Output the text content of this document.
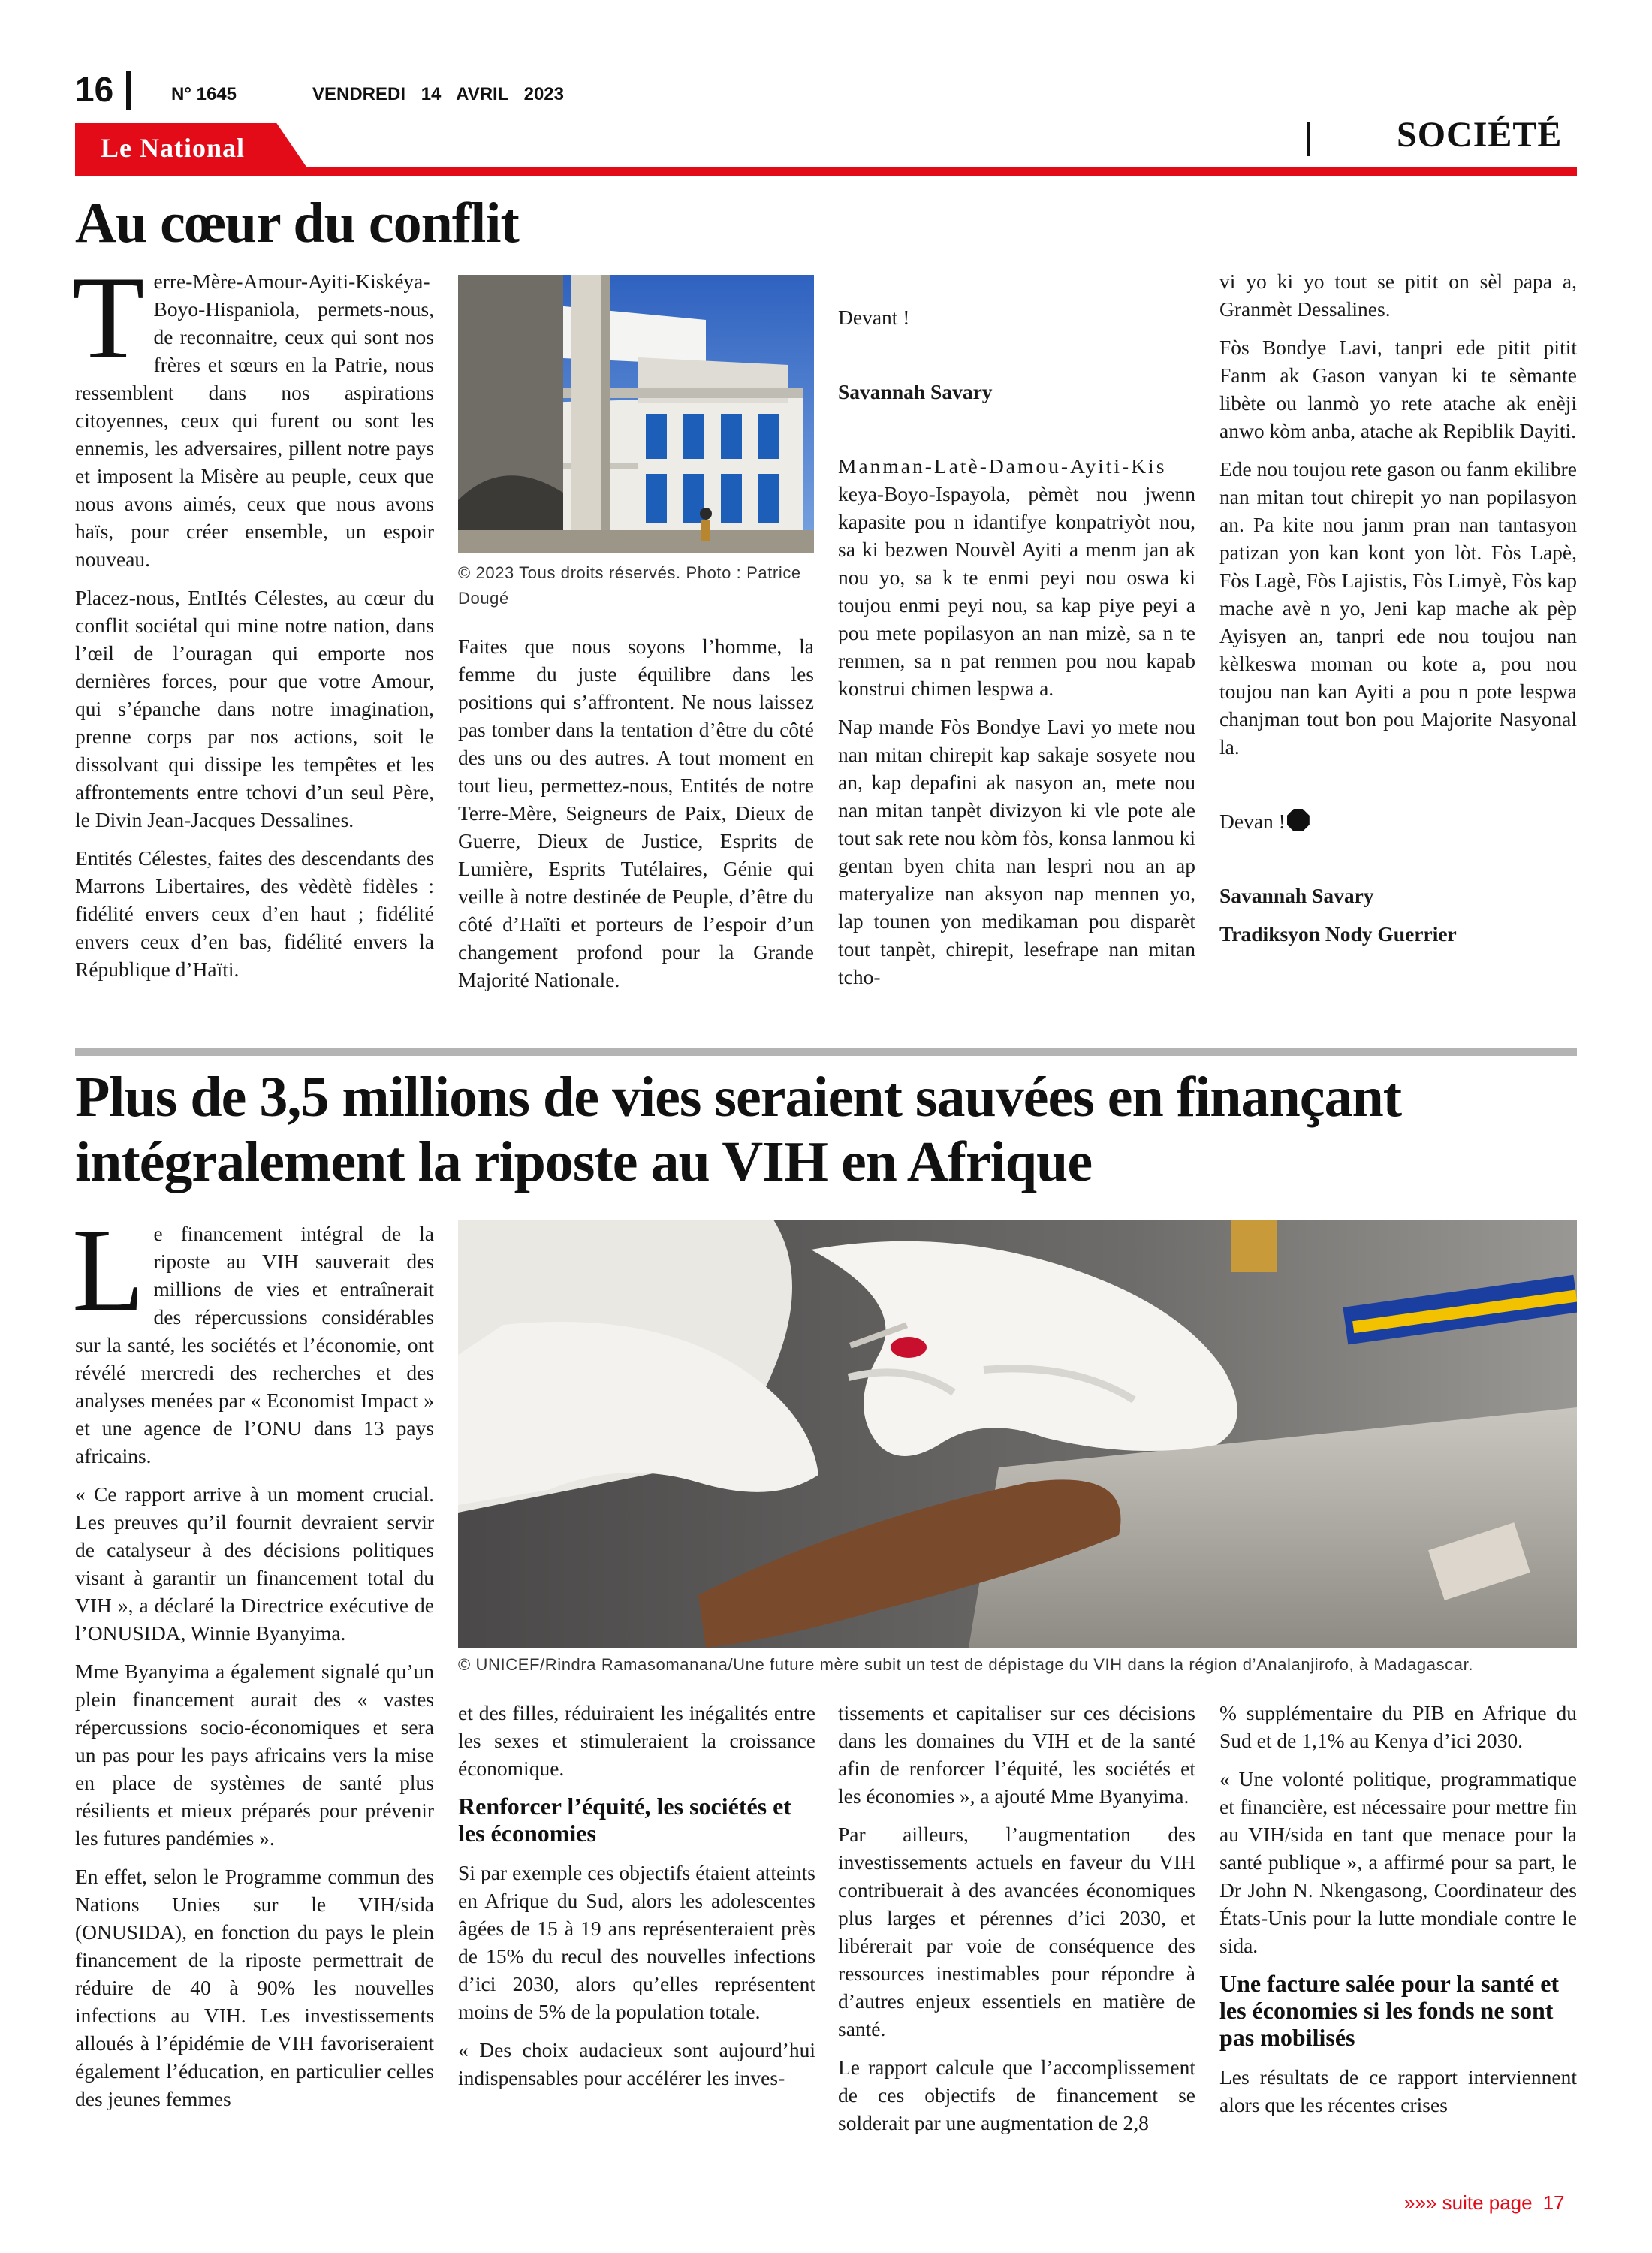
16	N° 1645	VENDREDI 14 AVRIL 2023
Le National	SOCIÉTÉ
Au cœur du conflit

Terre-Mère-Amour-Ayiti-Kiskéya-Boyo-Hispaniola, permets-nous, de reconnaitre, ceux qui sont nos frères et sœurs en la Patrie, nous ressemblent dans nos aspirations citoyennes, ceux qui furent ou sont les ennemis, les adversaires, pillent notre pays et imposent la Misère au peuple, ceux que nous avons aimés, ceux que nous avons haïs, pour créer ensemble, un espoir nouveau.

Placez-nous, EntItés Célestes, au cœur du conflit sociétal qui mine notre nation, dans l’œil de l’ouragan qui emporte nos dernières forces, pour que votre Amour, qui s’épanche dans notre imagination, prenne corps par nos actions, soit le dissolvant qui dissipe les tempêtes et les affrontements entre tchovi d’un seul Père, le Divin Jean-Jacques Dessalines.

Entités Célestes, faites des descendants des Marrons Libertaires, des vèdètè fidèles : fidélité envers ceux d’en haut ; fidélité envers ceux d’en bas, fidélité envers la République d’Haïti.

© 2023 Tous droits réservés. Photo : Patrice Dougé

Faites que nous soyons l’homme, la femme du juste équilibre dans les positions qui s’affrontent. Ne nous laissez pas tomber dans la tentation d’être du côté des uns ou des autres. A tout moment en tout lieu, permettez-nous, Entités de notre Terre-Mère, Seigneurs de Paix, Dieux de Guerre, Dieux de Justice, Esprits de Lumière, Esprits Tutélaires, Génie qui veille à notre destinée de Peuple, d’être du côté d’Haïti et porteurs de l’espoir d’un changement profond pour la Grande Majorité Nationale.

Devant !

Savannah Savary

Manman-Latè-Damou-Ayiti-Kis

keya-Boyo-Ispayola, pèmèt nou jwenn kapasite pou n idantifye konpatriyòt nou, sa ki bezwen Nouvèl Ayiti a menm jan ak nou yo, sa k te enmi peyi nou oswa ki toujou enmi peyi nou, sa kap piye peyi a pou mete popilasyon an nan mizè, sa n te renmen, sa n pat renmen pou nou kapab konstrui chimen lespwa a.

Nap mande Fòs Bondye Lavi yo mete nou nan mitan chirepit kap sakaje sosyete nou an, kap depafini ak nasyon an, mete nou nan mitan tanpèt divizyon ki vle pote ale tout sak rete nou kòm fòs, konsa lanmou ki gentan byen chita nan lespri nou an ap materyalize nan aksyon nap mennen yo, lap tounen yon medikaman pou disparèt tout tanpèt, chirepit, lesefrape nan mitan tcho-

vi yo ki yo tout se pitit on sèl papa a, Granmèt Dessalines.

Fòs Bondye Lavi, tanpri ede pitit pitit Fanm ak Gason vanyan ki te sèmante libète ou lanmò yo rete atache ak enèji anwo kòm anba, atache ak Repiblik Dayiti.

Ede nou toujou rete gason ou fanm ekilibre nan mitan tout chirepit yo nan popilasyon an. Pa kite nou janm pran nan tantasyon patizan yon kan kont yon lòt. Fòs Lapè, Fòs Lagè, Fòs Lajistis, Fòs Limyè, Fòs kap mache avè n yo, Jeni kap mache ak pèp Ayisyen an, tanpri ede nou toujou nan kèlkeswa moman ou kote a, pou nou toujou nan kan Ayiti a pou n pote lespwa chanjman tout bon pou Majorite Nasyonal la.

Devan !

Savannah Savary

Tradiksyon Nody Guerrier

Plus de 3,5 millions de vies seraient sauvées en finançant intégralement la riposte au VIH en Afrique

Le financement intégral de la riposte au VIH sauverait des millions de vies et entraînerait des répercussions considérables sur la santé, les sociétés et l’économie, ont révélé mercredi des recherches et des analyses menées par « Economist Impact » et une agence de l’ONU dans 13 pays africains.

« Ce rapport arrive à un moment crucial. Les preuves qu’il fournit devraient servir de catalyseur à des décisions politiques visant à garantir un financement total du VIH », a déclaré la Directrice exécutive de l’ONUSIDA, Winnie Byanyima.

Mme Byanyima a également signalé qu’un plein financement aurait des « vastes répercussions socio-économiques et sera un pas pour les pays africains vers la mise en place de systèmes de santé plus résilients et mieux préparés pour prévenir les futures pandémies ».

En effet, selon le Programme commun des Nations Unies sur le VIH/sida (ONUSIDA), en fonction du pays le plein financement de la riposte permettrait de réduire de 40 à 90% les nouvelles infections au VIH. Les investissements alloués à l’épidémie de VIH favoriseraient également l’éducation, en particulier celles des jeunes femmes

© UNICEF/Rindra Ramasomanana/Une future mère subit un test de dépistage du VIH dans la région d’Analanjirofo, à Madagascar.

et des filles, réduiraient les inégalités entre les sexes et stimuleraient la croissance économique.

Renforcer l’équité, les sociétés et les économies

Si par exemple ces objectifs étaient atteints en Afrique du Sud, alors les adolescentes âgées de 15 à 19 ans représenteraient près de 15% du recul des nouvelles infections d’ici 2030, alors qu’elles représentent moins de 5% de la population totale.

« Des choix audacieux sont aujourd’hui indispensables pour accélérer les inves-

tissements et capitaliser sur ces décisions dans les domaines du VIH et de la santé afin de renforcer l’équité, les sociétés et les économies », a ajouté Mme Byanyima.

Par ailleurs, l’augmentation des investissements actuels en faveur du VIH contribuerait à des avancées économiques plus larges et pérennes d’ici 2030, et libérerait par voie de conséquence des ressources inestimables pour répondre à d’autres enjeux essentiels en matière de santé.

Le rapport calcule que l’accomplissement de ces objectifs de financement se solderait par une augmentation de 2,8

% supplémentaire du PIB en Afrique du Sud et de 1,1% au Kenya d’ici 2030.

« Une volonté politique, programmatique et financière, est nécessaire pour mettre fin au VIH/sida en tant que menace pour la santé publique », a affirmé pour sa part, le Dr John N. Nkengasong, Coordinateur des États-Unis pour la lutte mondiale contre le sida.

Une facture salée pour la santé et les économies si les fonds ne sont pas mobilisés

Les résultats de ce rapport interviennent alors que les récentes crises

»»» suite page 17
